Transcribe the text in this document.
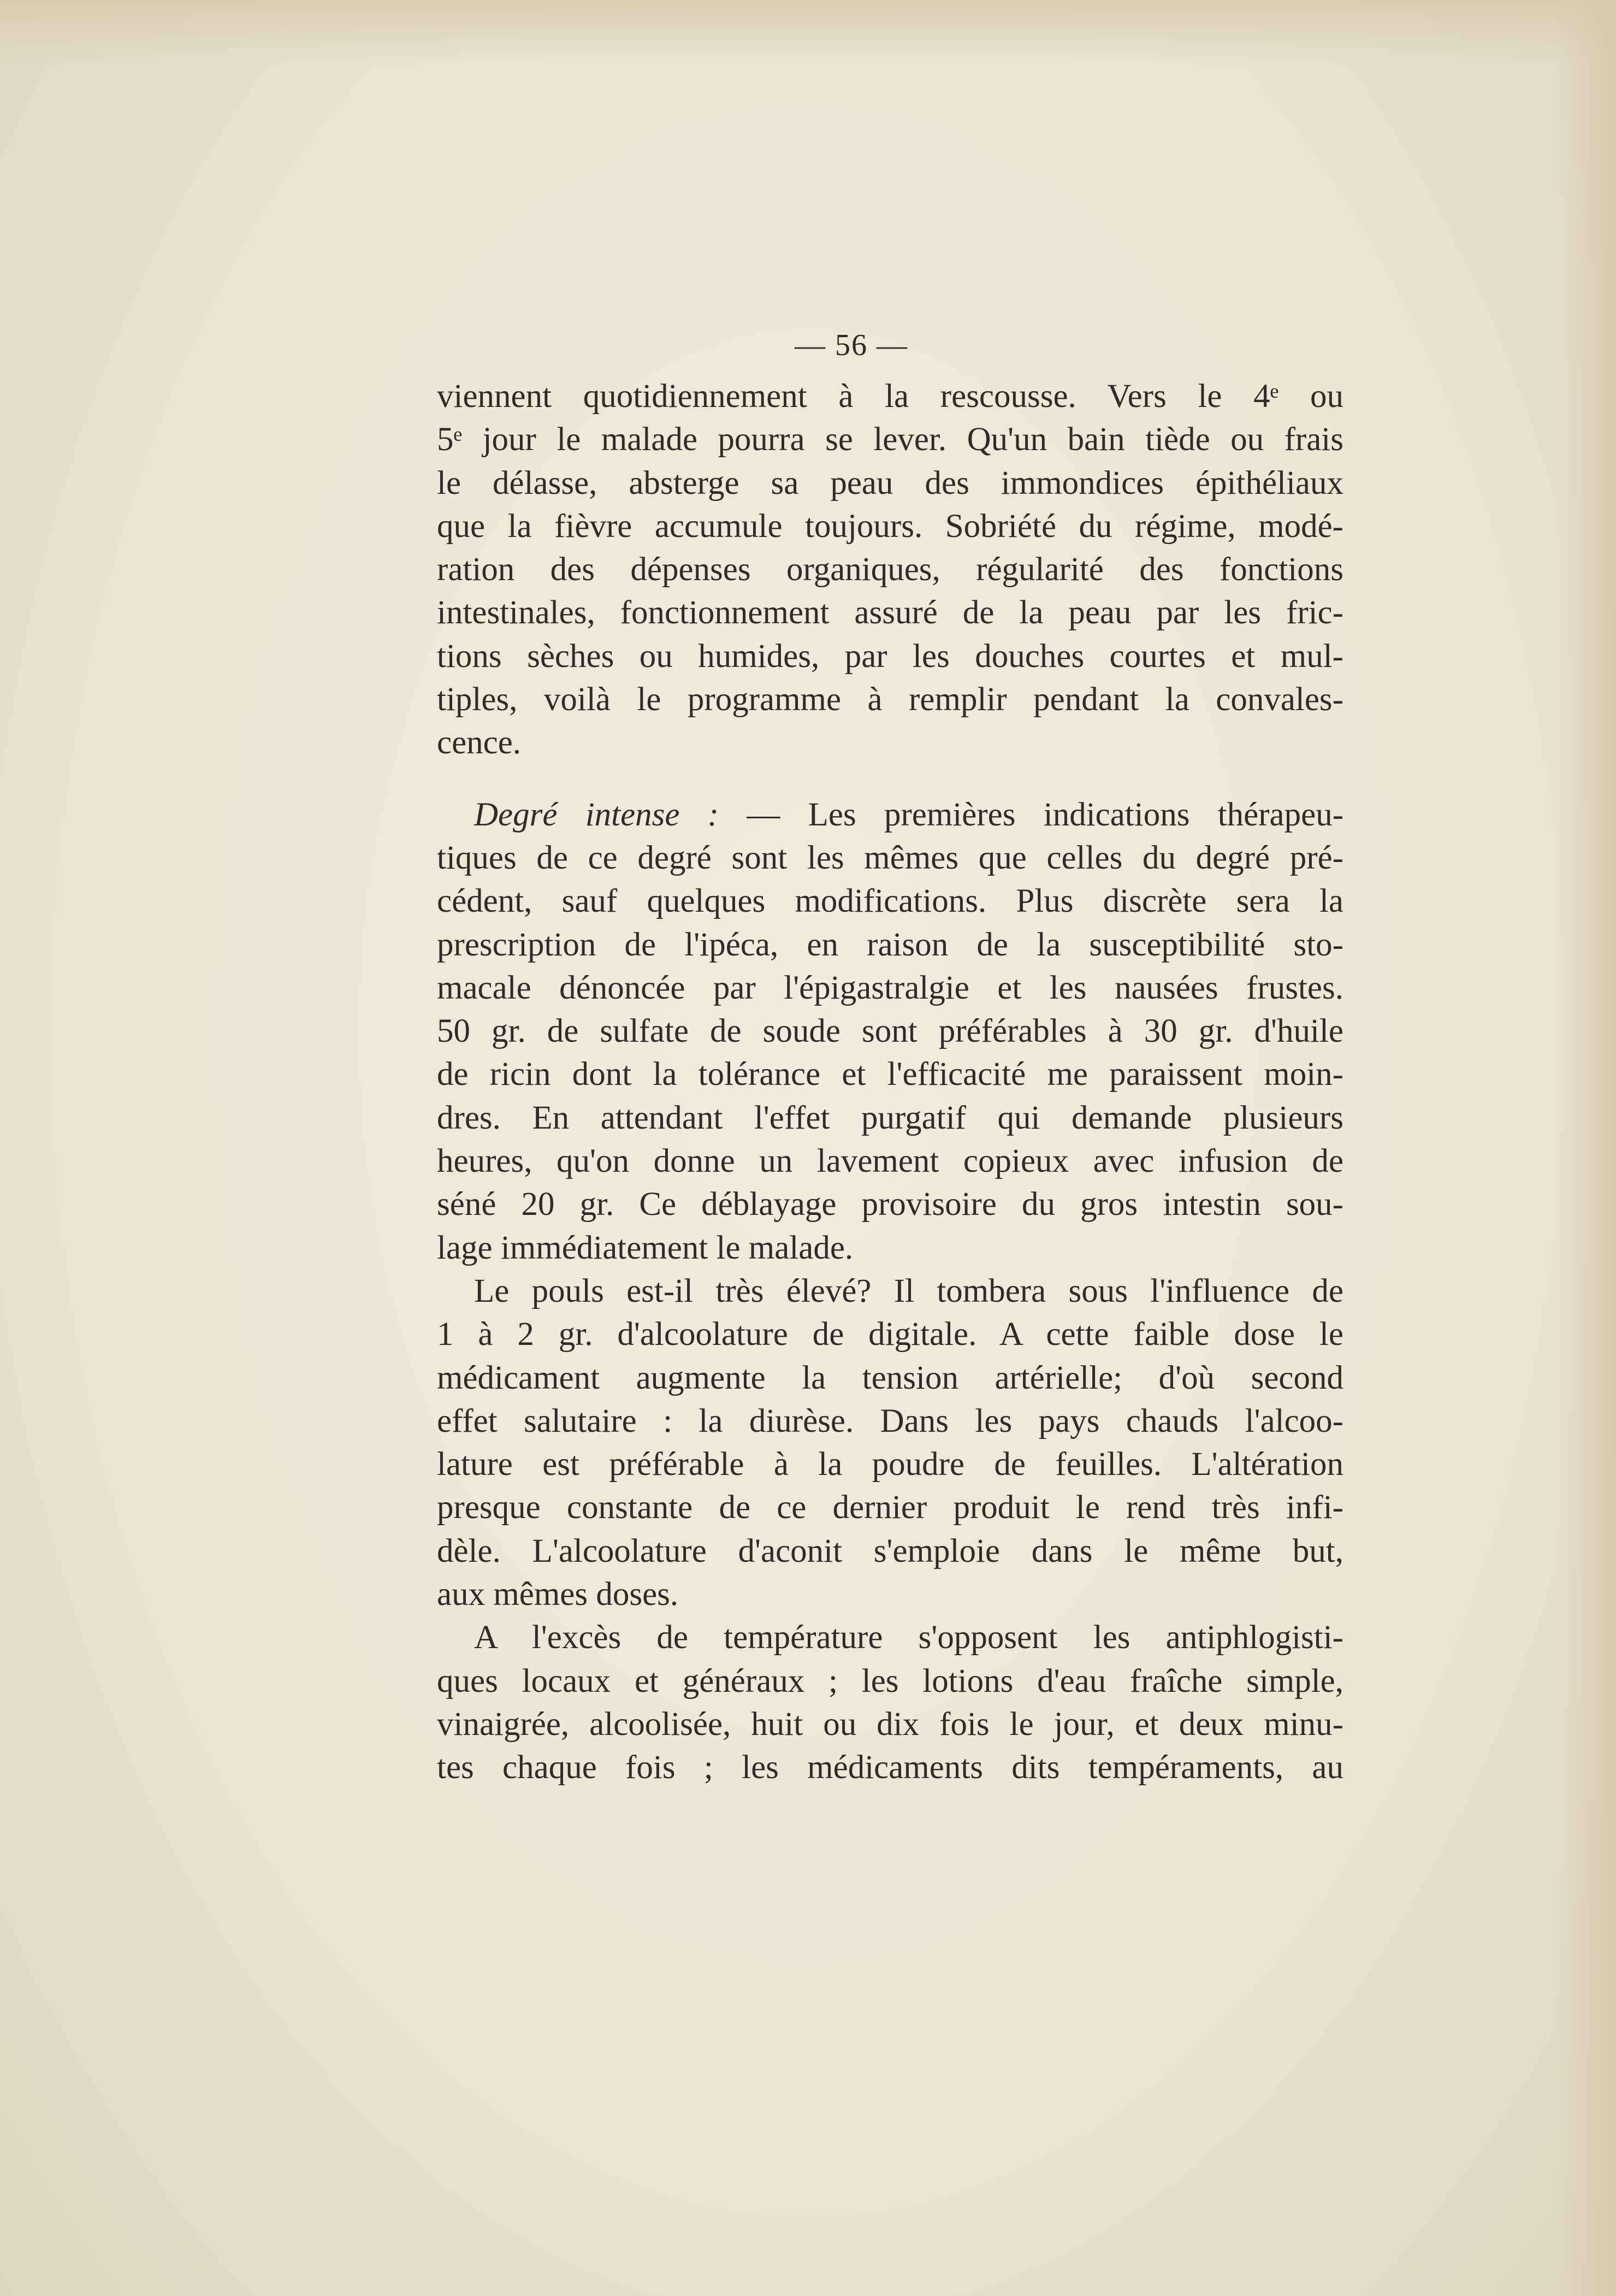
— 56 —
viennent quotidiennement à la rescousse. Vers le 4ᵉ ou
5ᵉ jour le malade pourra se lever. Qu'un bain tiède ou frais
le délasse, absterge sa peau des immondices épithéliaux
que la fièvre accumule toujours. Sobriété du régime, modé-
ration des dépenses organiques, régularité des fonctions
intestinales, fonctionnement assuré de la peau par les fric-
tions sèches ou humides, par les douches courtes et mul-
tiples, voilà le programme à remplir pendant la convales-
cence.
Degré intense : — Les premières indications thérapeu-
tiques de ce degré sont les mêmes que celles du degré pré-
cédent, sauf quelques modifications. Plus discrète sera la
prescription de l'ipéca, en raison de la susceptibilité sto-
macale dénoncée par l'épigastralgie et les nausées frustes.
50 gr. de sulfate de soude sont préférables à 30 gr. d'huile
de ricin dont la tolérance et l'efficacité me paraissent moin-
dres. En attendant l'effet purgatif qui demande plusieurs
heures, qu'on donne un lavement copieux avec infusion de
séné 20 gr. Ce déblayage provisoire du gros intestin sou-
lage immédiatement le malade.
Le pouls est-il très élevé? Il tombera sous l'influence de
1 à 2 gr. d'alcoolature de digitale. A cette faible dose le
médicament augmente la tension artérielle; d'où second
effet salutaire : la diurèse. Dans les pays chauds l'alcoo-
lature est préférable à la poudre de feuilles. L'altération
presque constante de ce dernier produit le rend très infi-
dèle. L'alcoolature d'aconit s'emploie dans le même but,
aux mêmes doses.
A l'excès de température s'opposent les antiphlogisti-
ques locaux et généraux ; les lotions d'eau fraîche simple,
vinaigrée, alcoolisée, huit ou dix fois le jour, et deux minu-
tes chaque fois ; les médicaments dits tempéraments, au
